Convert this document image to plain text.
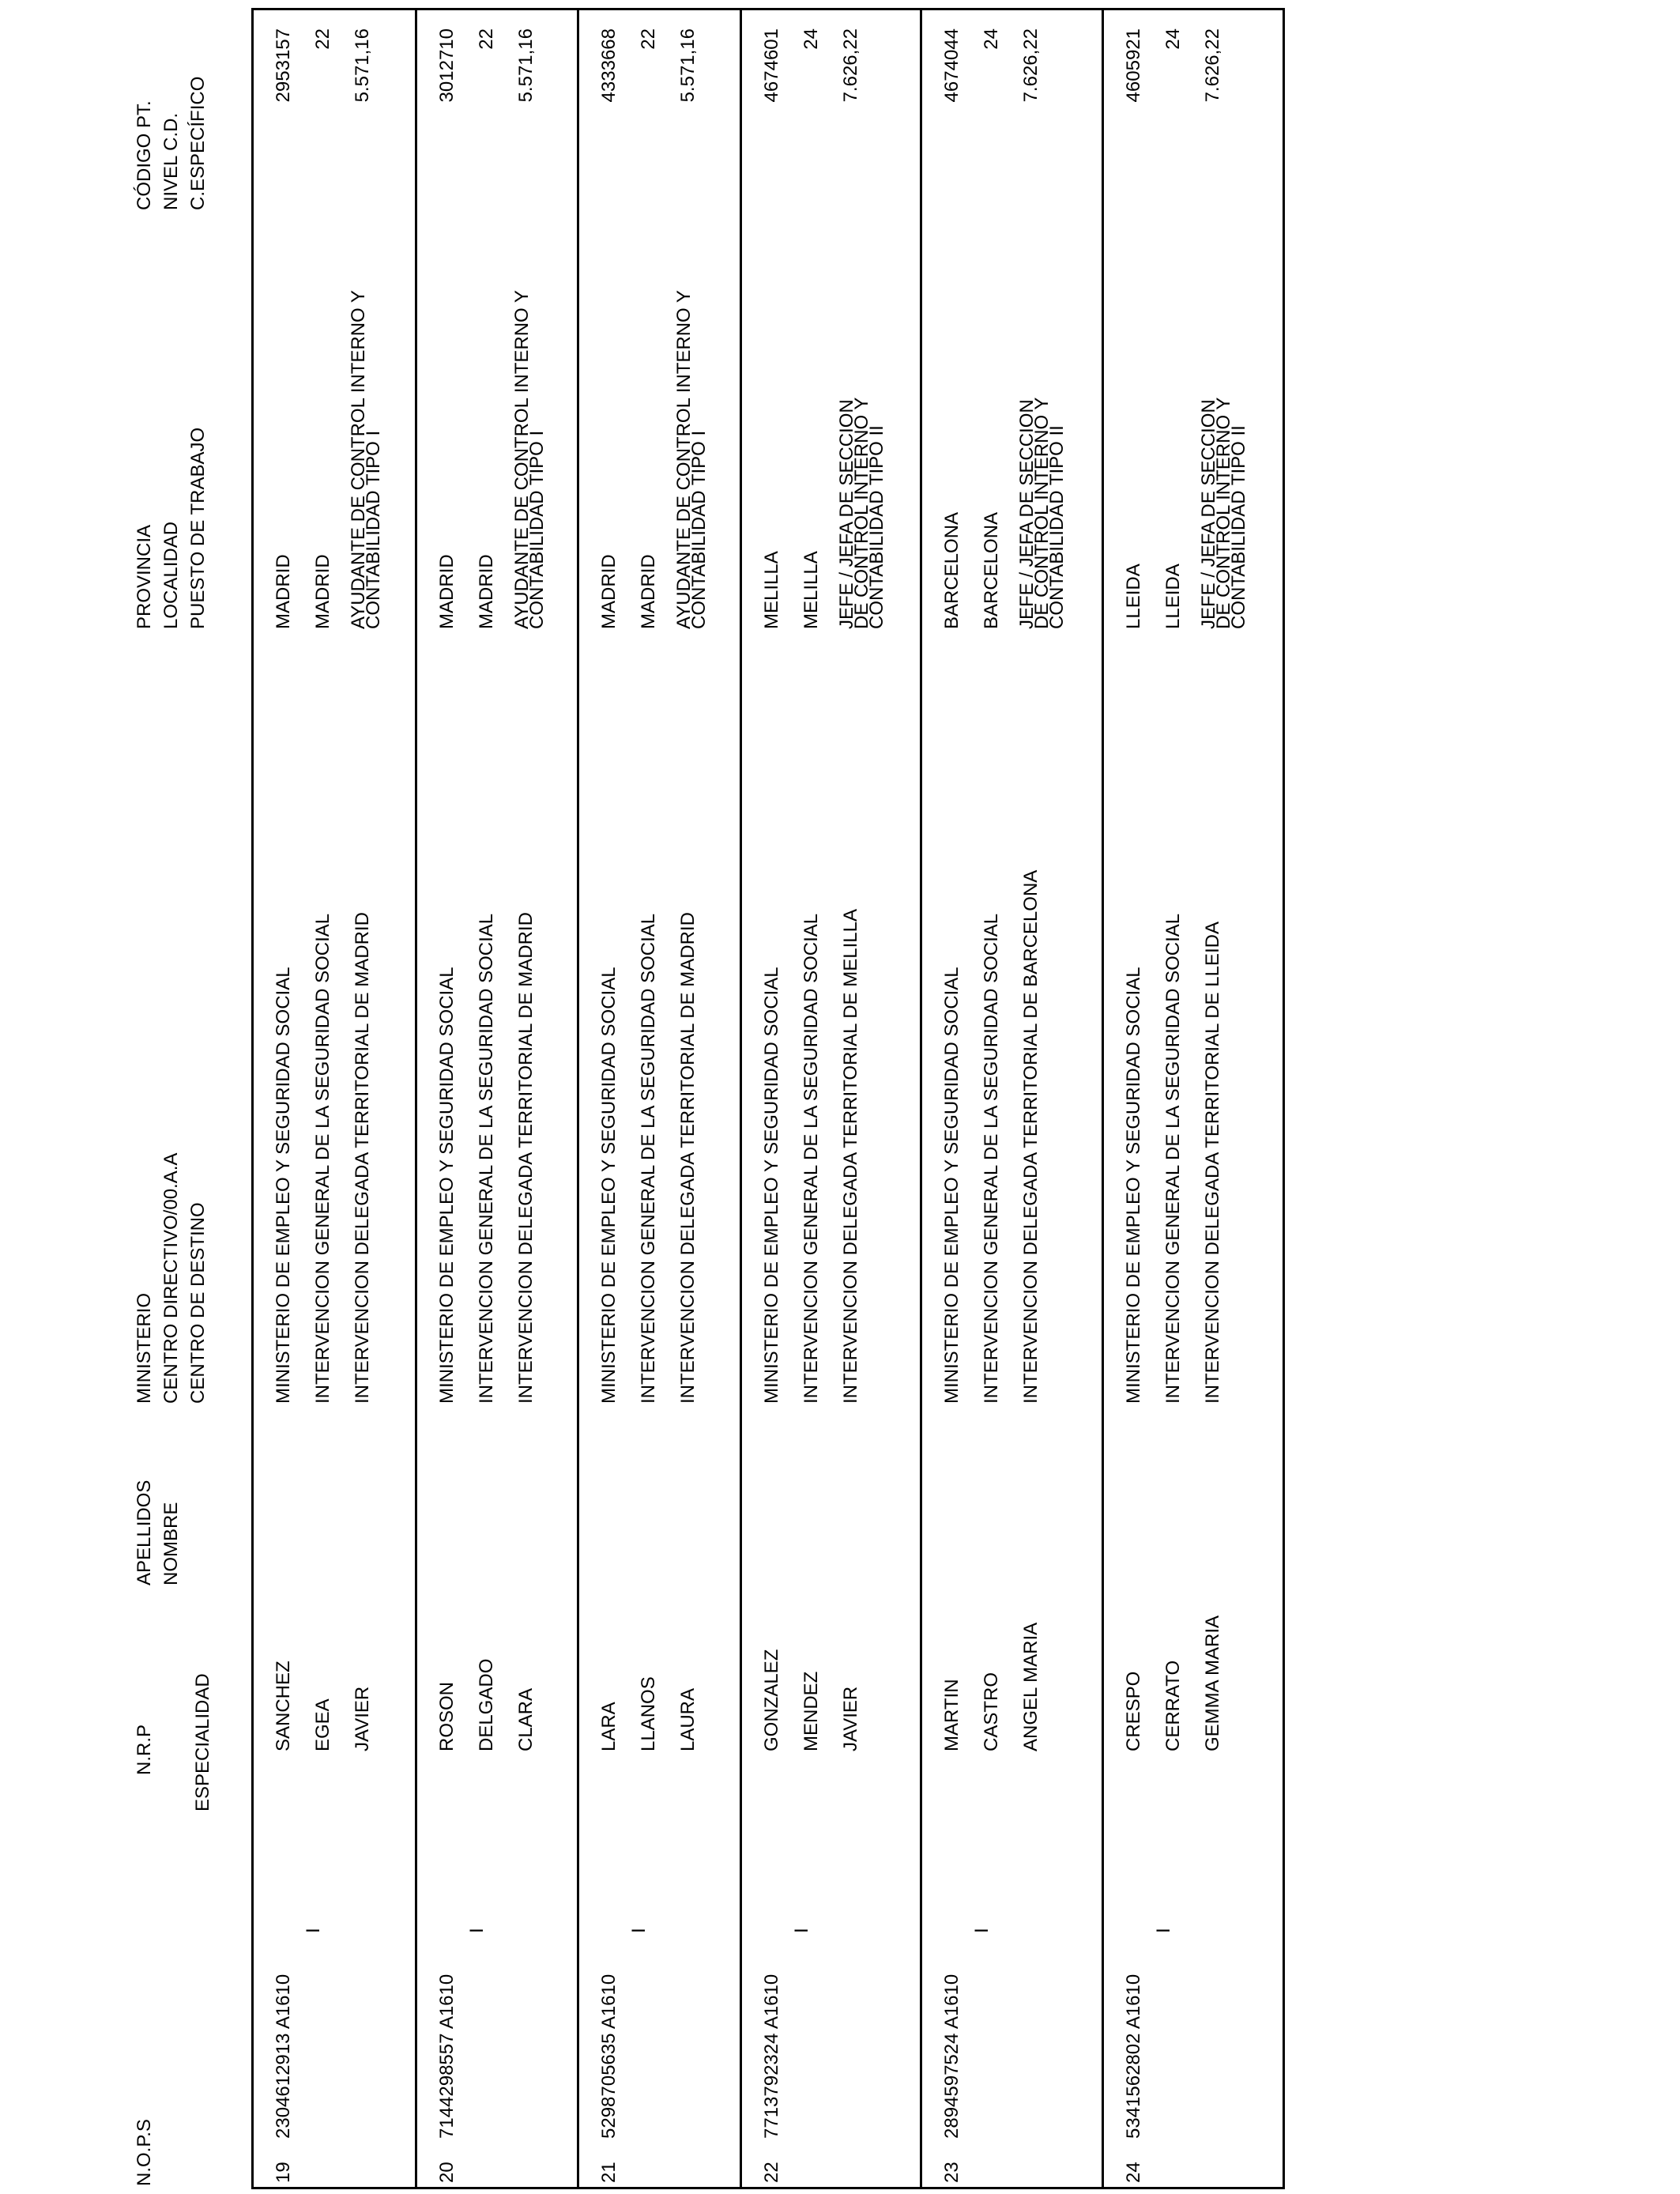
N.O.P.S
N.R.P ESPECIALIDAD
APELLIDOS NOMBRE
MINISTERIO CENTRO DIRECTIVO/00.A.A CENTRO DE DESTINO
PROVINCIA LOCALIDAD PUESTO DE TRABAJO
CÓDIGO PT. NIVEL C.D. C.ESPECÍFICO
19
2304612913 A1610
I
SANCHEZ EGEA JAVIER
MINISTERIO DE EMPLEO Y SEGURIDAD SOCIAL INTERVENCION GENERAL DE LA SEGURIDAD SOCIAL INTERVENCION DELEGADA TERRITORIAL DE MADRID
MADRID MADRID AYUDANTE DE CONTROL INTERNO Y CONTABILIDAD TIPO I
2953157 22 5.571,16
20
7144298557 A1610
I
ROSON DELGADO CLARA
MINISTERIO DE EMPLEO Y SEGURIDAD SOCIAL INTERVENCION GENERAL DE LA SEGURIDAD SOCIAL INTERVENCION DELEGADA TERRITORIAL DE MADRID
MADRID MADRID AYUDANTE DE CONTROL INTERNO Y CONTABILIDAD TIPO I
3012710 22 5.571,16
21
5298705635 A1610
I
LARA LLANOS LAURA
MINISTERIO DE EMPLEO Y SEGURIDAD SOCIAL INTERVENCION GENERAL DE LA SEGURIDAD SOCIAL INTERVENCION DELEGADA TERRITORIAL DE MADRID
MADRID MADRID AYUDANTE DE CONTROL INTERNO Y CONTABILIDAD TIPO I
4333668 22 5.571,16
22
7713792324 A1610
I
GONZALEZ MENDEZ JAVIER
MINISTERIO DE EMPLEO Y SEGURIDAD SOCIAL INTERVENCION GENERAL DE LA SEGURIDAD SOCIAL INTERVENCION DELEGADA TERRITORIAL DE MELILLA
MELILLA MELILLA JEFE / JEFA DE SECCION DE CONTROL INTERNO Y CONTABILIDAD TIPO II
4674601 24 7.626,22
23
2894597524 A1610
I
MARTIN CASTRO ANGEL MARIA
MINISTERIO DE EMPLEO Y SEGURIDAD SOCIAL INTERVENCION GENERAL DE LA SEGURIDAD SOCIAL INTERVENCION DELEGADA TERRITORIAL DE BARCELONA
BARCELONA BARCELONA JEFE / JEFA DE SECCION DE CONTROL INTERNO Y CONTABILIDAD TIPO II
4674044 24 7.626,22
24
5341562802 A1610
I
CRESPO CERRATO GEMMA MARIA
MINISTERIO DE EMPLEO Y SEGURIDAD SOCIAL INTERVENCION GENERAL DE LA SEGURIDAD SOCIAL INTERVENCION DELEGADA TERRITORIAL DE LLEIDA
LLEIDA LLEIDA JEFE / JEFA DE SECCION DE CONTROL INTERNO Y CONTABILIDAD TIPO II
4605921 24 7.626,22
